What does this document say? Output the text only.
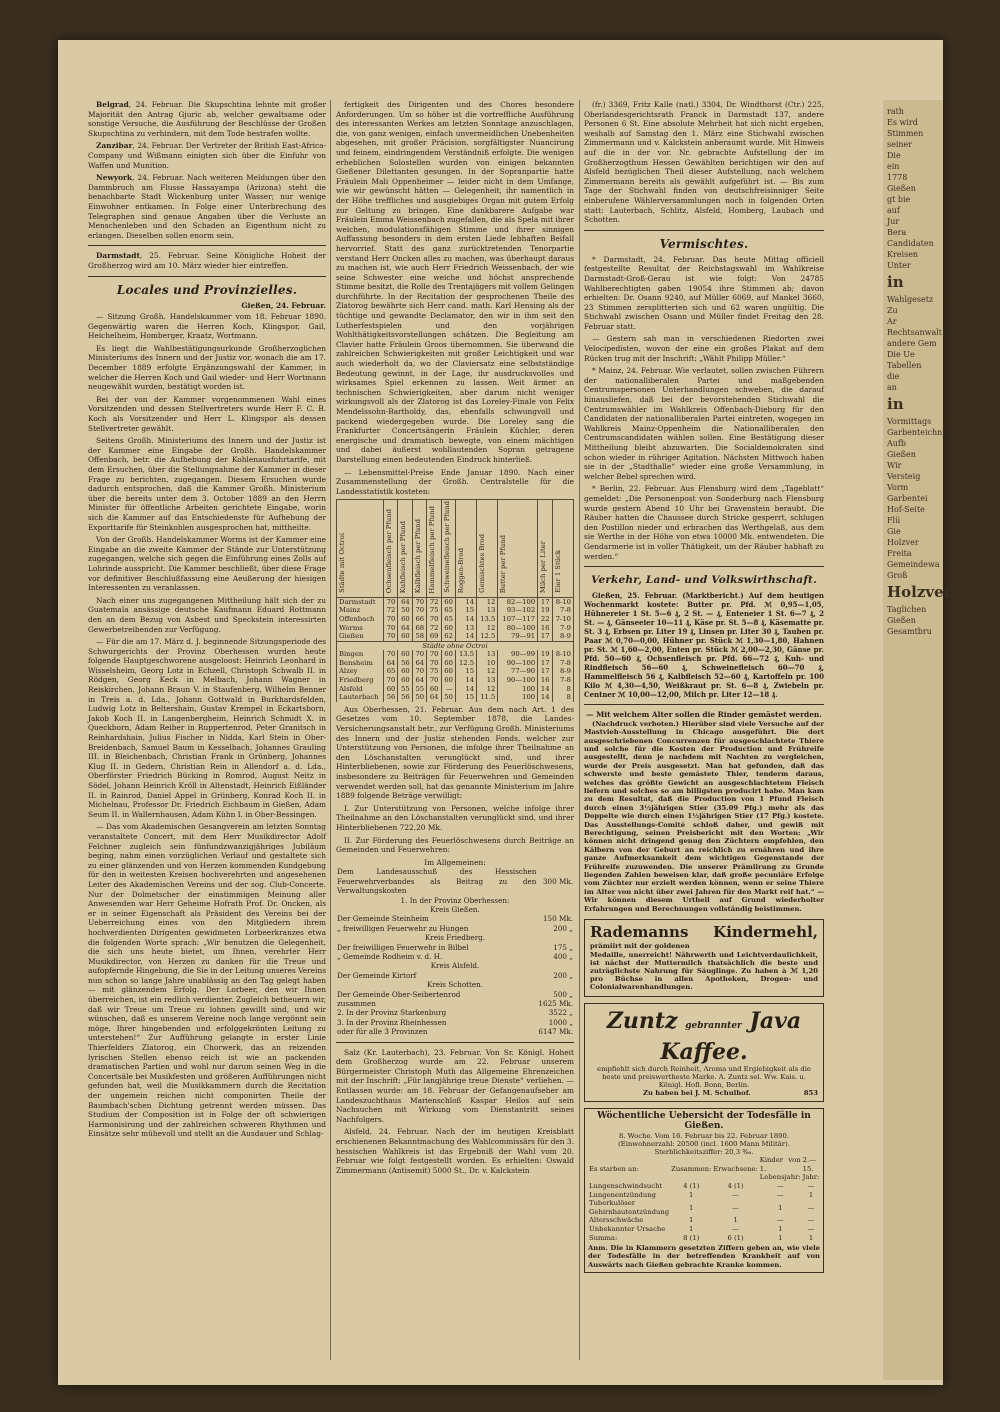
Belgrad, 24. Februar. Die Skupschtina lehnte mit großer Majorität den Antrag Gjuric ab, welcher gewaltsame oder sonstige Versuche, die Ausführung der Beschlüsse der Großen Skupschtina zu verhindern, mit dem Tode bestrafen wollte.

Zanzibar, 24. Februar. Der Vertreter der British East-Africa-Company und Wißmann einigten sich über die Einfuhr von Waffen und Munition.

Newyork, 24. Februar. Nach weiteren Meldungen über den Dammbruch am Flusse Hassayampa (Arizona) steht die benachbarte Stadt Wickenburg unter Wasser; nur wenige Einwohner entkamen. In Folge einer Unterbrechung des Telegraphen sind genaue Angaben über die Verluste an Menschenleben und den Schaden an Eigenthum nicht zu erlangen. Dieselben sollen enorm sein.

Darmstadt, 25. Februar. Seine Königliche Hoheit der Großherzog wird am 10. März wieder hier eintreffen.

Locales und Provinzielles.
Gießen, 24. Februar.

— Sitzung Großh. Handelskammer vom 18. Februar 1890. Gegenwärtig waren die Herren Koch, Klingspor, Gail, Heichelheim, Homberger, Kraatz, Wortmann.

Es liegt die Wahlbestätigungsurkunde Großherzoglichen Ministeriums des Innern und der Justiz vor, wonach die am 17. December 1889 erfolgte Ergänzungswahl der Kammer, in welcher die Herren Koch und Gail wieder- und Herr Wortmann neugewählt wurden, bestätigt worden ist.

Bei der von der Kammer vorgenommenen Wahl eines Vorsitzenden und dessen Stellvertreters wurde Herr F. C. B. Koch als Vorsitzender und Herr L. Klingspor als dessen Stellvertreter gewählt.

Seitens Großh. Ministeriums des Innern und der Justiz ist der Kammer eine Eingabe der Großh. Handelskammer Offenbach, betr. die Aufhebung der Kohlenausfuhrtarife, mit dem Ersuchen, über die Stellungnahme der Kammer in dieser Frage zu berichten, zugegangen. Diesem Ersuchen wurde dadurch entsprochen, daß die Kammer Großh. Ministerium über die bereits unter dem 3. October 1889 an den Herrn Minister für öffentliche Arbeiten gerichtete Eingabe, worin sich die Kammer auf das Entschiedenste für Aufhebung der Exporttarife für Steinkohlen ausgesprochen hat, mittheilte.

Von der Großh. Handelskammer Worms ist der Kammer eine Eingabe an die zweite Kammer der Stände zur Unterstützung zugegangen, welche sich gegen die Einführung eines Zolls auf Lohrinde ausspricht. Die Kammer beschließt, über diese Frage vor definitiver Beschlußfassung eine Aeußerung der hiesigen Interessenten zu veranlassen.

Nach einer uns zugegangenen Mittheilung hält sich der zu Guatemala ansässige deutsche Kaufmann Eduard Rottmann den an dem Bezug von Asbest und Speckstein interessirten Gewerbetreibenden zur Verfügung.

— Für die am 17. März d. J. beginnende Sitzungsperiode des Schwurgerichts der Provinz Oberhessen wurden heute folgende Hauptgeschworene ausgeloost: Heinrich Leonhard in Wisselsheim, Georg Lotz in Echzell, Christoph Schwalb II. in Rödgen, Georg Keck in Melbach, Johann Wagner in Reiskirchen, Johann Braun V. in Staufenberg, Wilhelm Benner in Treis a. d. Lda., Johann Gottwald in Burkhardsfelden, Ludwig Lotz in Beltershain, Gustav Krempel in Eckartsborn, Jakob Koch II. in Langenbergheim, Heinrich Schmidt X. in Queckborn, Adam Reiber in Ruppertenrod, Peter Granitsch in Reinhardshain, Julius Fischer in Nidda, Karl Stein in Ober-Breidenbach, Samuel Baum in Kesselbach, Johannes Grauling III. in Bleichenbach, Christian Frank in Grünberg, Johannes Klug II. in Gedern, Christian Rein in Allendorf a. d. Lda., Oberförster Friedrich Bücking in Romrod, August Neitz in Södel, Johann Heinrich Kröll in Altenstadt, Heinrich Eißländer II. in Rainrod, Daniel Appel in Grünberg, Konrad Koch II. in Michelnau, Professor Dr. Friedrich Eichbaum in Gießen, Adam Seum II. in Wallernhausen, Adam Kühn I. in Ober-Bessingen.

— Das vom Akademischen Gesangverein am letzten Sonntag veranstaltete Concert, mit dem Herr Musikdirector Adolf Felchner zugleich sein fünfundzwanzigjähriges Jubiläum beging, nahm einen vorzüglichen Verlauf und gestaltete sich zu einer glänzenden und von Herzen kommenden Kundgebung für den in weitesten Kreisen hochverehrten und angesehenen Leiter des Akademischen Vereins und der sog. Club-Concerte. Nur der Dolmetscher der einstimmigen Meinung aller Anwesenden war Herr Geheime Hofrath Prof. Dr. Oncken, als er in seiner Eigenschaft als Präsident des Vereins bei der Ueberreichung eines von den Mitgliedern ihrem hochverdienten Dirigenten gewidmeten Lorbeerkranzes etwa die folgenden Worte sprach: „Wir benutzen die Gelegenheit, die sich uns heute bietet, um Ihnen, verehrter Herr Musikdirector, von Herzen zu danken für die Treue und aufopfernde Hingebung, die Sie in der Leitung unseres Vereins nun schon so lange Jahre unablässig an den Tag gelegt haben — mit glänzendem Erfolg. Der Lorbeer, den wir Ihnen überreichen, ist ein redlich verdienter. Zugleich betheuern wir, daß wir Treue um Treue zu lohnen gewillt sind, und wir wünschen, daß es unserem Vereine noch lange vergönnt sein möge, Ihrer hingebenden und erfolggekrönten Leitung zu unterstehen!“ Zur Aufführung gelangte in erster Linie Thierfelders Zlatorog, ein Chorwerk, das an reizenden lyrischen Stellen ebenso reich ist wie an packenden dramatischen Partien und wohl nur darum seinen Weg in die Concertsäle bei Musikfesten und größeren Aufführungen nicht gefunden hat, weil die Musikkammern durch die Recitation der ungemein reichen nicht componirten Theile der Baumbach'schen Dichtung getrennt werden müssen. Das Studium der Composition ist in Folge der oft schwierigen Harmonisirung und der zahlreichen schweren Rhythmen und Einsätze sehr mühevoll und stellt an die Ausdauer und Schlag-

fertigkeit des Dirigenten und des Chores besondere Anforderungen. Um so höher ist die vortreffliche Ausführung des interessanten Werkes am letzten Sonntage anzuschlagen, die, von ganz wenigen, einfach unvermeidlichen Unebenheiten abgesehen, mit großer Präcision, sorgfältigster Nuancirung und feinem, eindringendem Verständniß erfolgte. Die wenigen erheblichen Solostellen wurden von einigen bekannten Gießener Dilettanten gesungen. In der Sopranpartie hatte Fräulein Mali Oppenheimer — leider nicht in dem Umfange, wie wir gewünscht hätten — Gelegenheit, ihr namentlich in der Höhe treffliches und ausgiebiges Organ mit gutem Erfolg zur Geltung zu bringen. Eine dankbarere Aufgabe war Fräulein Emma Weissenbach zugefallen, die als Spela mit ihrer weichen, modulationsfähigen Stimme und ihrer sinnigen Auffassung besonders in dem ersten Liede lebhaften Beifall hervorrief. Statt des ganz zurücktretenden Tenorpartie verstand Herr Oncken alles zu machen, was überhaupt daraus zu machen ist, wie auch Herr Friedrich Weissenbach, der wie seine Schwester eine weiche und höchst ansprechende Stimme besitzt, die Rolle des Trentajägers mit vollem Gelingen durchführte. In der Recitation der gesprochenen Theile des Zlatorog bewährte sich Herr cand. math. Karl Hensing als der tüchtige und gewandte Declamator, den wir in ihm seit den Lutherfestspielen und den vorjährigen Wohlthätigkeitsvorstellungen schätzen. Die Begleitung am Clavier hatte Fräulein Groos übernommen. Sie überwand die zahlreichen Schwierigkeiten mit großer Leichtigkeit und war auch wiederholt da, wo der Claviersatz eine selbstständige Bedeutung gewinnt, in der Lage, ihr ausdrucksvolles und wirksames Spiel erkennen zu lassen. Weit ärmer an technischen Schwierigkeiten, aber darum nicht weniger wirkungsvoll als der Zlatorog ist das Loreley-Finale von Felix Mendelssohn-Bartholdy, das, ebenfalls schwungvoll und packend wiedergegeben wurde. Die Loreley sang die Frankfurter Concertsängerin Fräulein Küchler, deren energische und dramatisch bewegte, von einem mächtigen und dabei äußerst wohllautenden Sopran getragene Darstellung einen bedeutenden Eindruck hinterließ.

— Lebensmittel-Preise Ende Januar 1890. Nach einer Zusammenstellung der Großh. Centralstelle für die Landesstatistik kosteten:

Städte mit Octroi	Ochsenfleisch per Pfund	Kuhfleisch per Pfund	Kalbfleisch per Pfund	Hammelfleisch per Pfund	Schweinefleisch per Pfund	Roggen-Brod	Gemischtes Brod	Butter per Pfund	Milch per Liter	Eier 1 Stück
Darmstadt	70	64	70	72	60	14	12	82—100	17	8-10
Mainz	72	50	70	75	65	15	13	93—102	19	7-8
Offenbach	70	60	66	70	65	14	13.5	107—117	22	7-10
Worms	70	64	68	72	60	13	12	80—100	16	7-9
Gießen	70	60	58	69	62	14	12.5	79—91	17	8-9
Städte ohne Octroi										
Bingen	70	60	70	70	60	13.5	13	90—99	19	8-10
Bensheim	64	56	64	70	60	12.5	10	90—100	17	7-8
Alzey	65	60	70	75	60	15	12	77—90	17	8-9
Friedberg	70	60	64	70	60	14	13	90—100	16	7-8
Alsfeld	60	55	55	60	—	14	12	100	14	8
Lauterbach	56	56	50	64	50	15	11.5	100	14	8

Aus Oberhessen, 21. Februar. Aus dem nach Art. 1 des Gesetzes vom 10. September 1878, die Landes-Versicherungsanstalt betr., zur Verfügung Großh. Ministeriums des Innern und der Justiz stehenden Fonds, welcher zur Unterstützung von Personen, die infolge ihrer Theilnahme an den Löschanstalten verunglückt sind, und ihrer Hinterbliebenen, sowie zur Förderung des Feuerlöschwesens, insbesondere zu Beiträgen für Feuerwehren und Gemeinden verwendet werden soll, hat das genannte Ministerium im Jahre 1889 folgende Beträge verwilligt:

I. Zur Unterstützung von Personen, welche infolge ihrer Theilnahme an den Löschanstalten verunglückt sind, und ihrer Hinterbliebenen 722.20 Mk.

II. Zur Förderung des Feuerlöschwesens durch Beiträge an Gemeinden und Feuerwehren:

Im Allgemeinen:
Dem Landesausschuß des Hessischen Feuerwehrverbandes als Beitrag zu den Verwaltungskosten	300 Mk.
1. In der Provinz Oberhessen:	
Kreis Gießen.	
Der Gemeinde Steinheim	150 Mk.
„ freiwilligen Feuerwehr zu Hungen	200 „
Kreis Friedberg.	
Der freiwilligen Feuerwehr in Bilbel	175 „
„ Gemeinde Rodheim v. d. H.	400 „
Kreis Alsfeld.	
Der Gemeinde Kirtorf	200 „
Kreis Schotten.	
Der Gemeinde Ober-Seibertenrod	500 „
zusammen	1625 Mk.
2. In der Provinz Starkenburg	3522 „
3. In der Provinz Rheinhessen	1000 „
oder für alle 3 Provinzen	6147 Mk.

Salz (Kr. Lauterbach), 23. Februar. Von Sr. Königl. Hoheit dem Großherzog wurde am 22. Februar unserem Bürgermeister Christoph Muth das Allgemeine Ehrenzeichen mit der Inschrift: „Für langjährige treue Dienste“ verliehen. — Entlassen wurde: am 18. Februar der Gefangenaufseher am Landeszuchthaus Marienschloß Kaspar Heilos auf sein Nachsuchen mit Wirkung vom Dienstantritt seines Nachfolgers.

Alsfeld, 24. Februar. Nach der im heutigen Kreisblatt erschienenen Bekanntmachung des Wahlcommissärs für den 3. hessischen Wahlkreis ist das Ergebniß der Wahl vom 20. Februar wie folgt festgestellt worden. Es erhielten: Oswald Zimmermann (Antisemit) 5000 St., Dr. v. Kalckstein

(fr.) 3369, Fritz Kalle (natl.) 3304, Dr. Windthorst (Ctr.) 225, Oberlandesgerichtsrath Franck in Darmstadt 137, andere Personen 6 St. Eine absolute Mehrheit hat sich nicht ergeben, weshalb auf Samstag den 1. März eine Stichwahl zwischen Zimmermann und v. Kalckstein anberaumt wurde. Mit Hinweis auf die in der vor. Nr. gebrachte Aufstellung der im Großherzogthum Hessen Gewählten berichtigen wir den auf Alsfeld bezüglichen Theil dieser Aufstellung, nach welchem Zimmermann bereits als gewählt aufgeführt ist. — Bis zum Tage der Stichwahl finden von deutschfreisinniger Seite einberufene Wählerversammlungen noch in folgenden Orten statt: Lauterbach, Schlitz, Alsfeld, Homberg, Laubach und Schotten.

Vermischtes.

* Darmstadt, 24. Februar. Das heute Mittag officiell festgestellte Resultat der Reichstagswahl im Wahlkreise Darmstadt-Groß-Gerau ist wie folgt: Von 24785 Wahlberechtigten gaben 19054 ihre Stimmen ab; davon erhielten: Dr. Osann 9240, auf Müller 6069, auf Mankel 3660, 23 Stimmen zersplitterten sich und 62 waren ungültig. Die Stichwahl zwischen Osann und Müller findet Freitag den 28. Februar statt.

— Gestern sah man in verschiedenen Riedorten zwei Velocipedisten, wovon der eine ein großes Plakat auf dem Rücken trug mit der Inschrift: „Wählt Philipp Müller.“

* Mainz, 24. Februar. Wie verlautet, sollen zwischen Führern der nationalliberalen Partei und maßgebenden Centrumspersonen Unterhandlungen schweben, die darauf hinausliefen, daß bei der bevorstehenden Stichwahl die Centrumswähler im Wahlkreis Offenbach-Dieburg für den Candidaten der nationalliberalen Partei eintreten, wogegen im Wahlkreis Mainz-Oppenheim die Nationalliberalen den Centrumscandidaten wählen sollen. Eine Bestätigung dieser Mittheilung bleibt abzuwarten. Die Socialdemokraten sind schon wieder in rühriger Agitation. Nächsten Mittwoch haben sie in der „Stadthalle“ wieder eine große Versammlung, in welcher Bebel sprechen wird.

* Berlin, 22. Februar. Aus Flensburg wird dem „Tageblatt“ gemeldet: „Die Personenpost von Sonderburg nach Flensburg wurde gestern Abend 10 Uhr bei Gravenstein beraubt. Die Räuber hatten die Chaussee durch Stricke gesperrt, schlugen den Postillon nieder und erbrachen das Werthgelaß, aus dem sie Werthe in der Höhe von etwa 10000 Mk. entwendeten. Die Gendarmerie ist in voller Thätigkeit, um der Räuber habhaft zu werden.“

Verkehr, Land- und Volkswirthschaft.

Gießen, 25. Februar. (Marktbericht.) Auf dem heutigen Wochenmarkt kostete: Butter pr. Pfd. ℳ 0,95—1,05, Hühnereier 1 St. 5—6 ₰, 2 St. — ₰, Enteneier 1 St. 6—7 ₰, 2 St. — ₰, Gänseeier 10—11 ₰, Käse pr. St. 5—8 ₰, Käsematte pr. St. 3 ₰, Erbsen pr. Liter 19 ₰, Linsen pr. Liter 30 ₰, Tauben pr. Paar ℳ 0,70—0,00, Hühner pr. Stück ℳ 1,30—1,80, Hahnen pr. St. ℳ 1,60—2,00, Enten pr. Stück ℳ 2,00—2,30, Gänse pr. Pfd. 50—60 ₰, Ochsenfleisch pr. Pfd. 66—72 ₰, Kuh- und Rindfleisch 56—60 ₰, Schweinefleisch 60—70 ₰, Hammelfleisch 56 ₰, Kalbfleisch 52—60 ₰, Kartoffeln pr. 100 Kilo ℳ 4,30—4,50, Weißkraut pr. St. 6—8 ₰, Zwiebeln pr. Centner ℳ 10,00—12,00, Milch pr. Liter 12—18 ₰.

— Mit welchem Alter sollen die Rinder gemästet werden.

(Nachdruck verboten.) Hierüber sind viele Versuche auf der Mastvieh-Ausstellung in Chicago ausgeführt. Die dort ausgeschriebenen Concurrenzen für ausgeschlachtete Thiere und solche für die Kosten der Production und Frühreife ausgestellt, denn je nachdem mit Nachten zu vergleichen, wurde der Preis ausgesetzt. Man hat gefunden, daß das schwerste und beste gemästete Thier, tenderm daraus, welches das größte Gewicht an ausgeschlachtetem Fleisch liefern und solches so am billigsten producirt habe. Man kam zu dem Resultat, daß die Production von 1 Pfund Fleisch durch einen 3½jährigen Stier (35.09 Pfg.) mehr als das Doppelte wie durch einen 1½jährigen Stier (17 Pfg.) kostete. Das Ausstellungs-Comité schloß daher, und gewiß mit Berechtigung, seinen Preisbericht mit den Worten: „Wir können nicht dringend genug den Züchtern empfehlen, den Kälbern von der Geburt an reichlich zu ernähren und ihre ganze Aufmerksamkeit dem wichtigen Gegenstande der Frühreife zuzuwenden. Die unserer Prämiirung zu Grunde liegenden Zahlen beweisen klar, daß große pecuniäre Erfolge vom Züchter nur erzielt werden können, wenn er seine Thiere im Alter von nicht über zwei Jahren für den Markt reif hat.“ — Wir können diesem Urtheil auf Grund wiederholter Erfahrungen und Berechnungen vollständig beistimmen.

Rademanns Kindermehl, prämiirt mit der goldenen
Medaille, unerreicht! Nährwerth und Leichtverdaulichkeit, ist nächst der Muttermilch thatsächlich die beste und zuträglichste Nahrung für Säuglinge. Zu haben à ℳ 1,20 pro Büchse in allen Apotheken, Drogen- und Colonialwarenhandlungen.
Zuntz gebrannter Java Kaffee.
empfiehlt sich durch Reinheit, Aroma und Ergiebigkeit als die beste und preiswertheste Marke. A. Zuntz sel. Ww. Kais. u. Königl. Hofl. Bonn, Berlin.
Zu haben bei J. M. Schulhof.	853
Wöchentliche Uebersicht der Todesfälle in Gießen.
8. Woche. Vom 16. Februar bis 22. Februar 1890.
(Einwohnerzahl: 20500 (incl. 1600 Mann Militär).
Sterblichkeitsziffer: 20,3 ‰.
Es starben an:	Zusammen:	Erwachsene:	Kinder von 1. Lebensjahr:	2.—15. Jahr:
Lungenschwindsucht	4 (1)	4 (1)	—	—
Lungenentzündung	1	—	—	1
Tuberkulöser Gehirnhautentzündung	1	—	1	—
Altersschwäche	1	1	—	—
Unbekannter Ursache	1	—	1	—
Summa:	8 (1)	6 (1)	1	1
Anm. Die in Klammern gesetzten Ziffern geben an, wie viele der Todesfälle in der betreffenden Krankheit auf von Auswärts nach Gießen gebrachte Kranke kommen.
rath
Es wird
Stimmen
seiner
Die
ein
1778
Gießen
gt bie
auf
Jur
Bera
Candidaten
Kreisen
Unter
in
Wahlgesetz
Zu
Ar
Rechtsanwalt
andere Gem
Die Ue
Tabellen
die
an
in
Vormittags
Garbenteichn
Aufb
Gießen
Wir
Versteig
Vorm
Garbentei
Hof-Seite
Flü
Gie
Holzver
Freita
Gemeindewa
Groß
Holzver
Taglichen
Gießen
Gesamtbru
